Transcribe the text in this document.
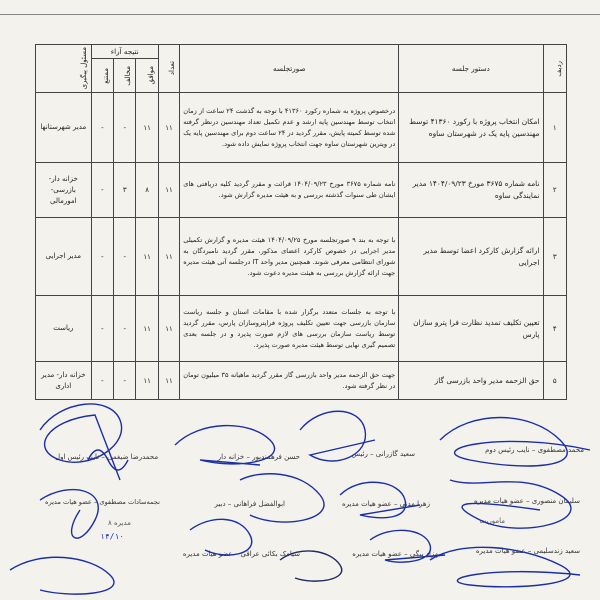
ردیف	دستور جلسه	صورتجلسه	تعداد	نتیجه آراء			مسئول پیگیری

				موافق	مخالف	ممتنع	

۱	امکان انتخاب پروژه با رکورد ۴۱۳۶۰ توسط مهندسین پایه یک در شهرستان ساوه	درخصوص پروژه به شماره رکورد ۴۱۳۶۰ با توجه به گذشت ۲۴ ساعت از زمان انتخاب توسط مهندسین پایه ارشد و عدم تکمیل تعداد مهندسین درنظر گرفته شده توسط کمیته پایش، مقرر گردید در ۲۴ ساعت دوم برای مهندسین پایه یک در ویترین شهرستان ساوه جهت انتخاب پروژه نمایش داده شود.	۱۱	۱۱	-	-	مدیر شهرستانها
۲	نامه شماره ۳۶۷۵ مورخ ۱۴۰۴/۰۹/۲۳ مدیر نمایندگی ساوه	نامه شماره ۳۶۷۵ مورخ ۱۴۰۴/۰۹/۲۳ قرائت و مقرر گردید کلیه دریافتی های ایشان طی سنوات گذشته بررسی و به هیئت مدیره گزارش شود.	۱۱	۸	۳	-	خزانه دار- بازرسی- امورمالی
۳	ارائه گزارش کارکرد اعضا توسط مدیر اجرایی	با توجه به بند ۹ صورتجلسه مورخ ۱۴۰۴/۰۹/۲۵ هیئت مدیره و گزارش تکمیلی مدیر اجرایی در خصوص کارکرد اعضای مذکور، مقرر گردید نامبردگان به شورای انتظامی معرفی شوند. همچنین مدیر واحد IT درجلسه آتی هیئت مدیره جهت ارائه گزارش بررسی به هیئت مدیره دعوت شود.	۱۱	۱۱	-	-	مدیر اجرایی
۴	تعیین تکلیف تمدید نظارت فرا پترو سازان پارس	با توجه به جلسات متعدد برگزار شده با مقامات استان و جلسه ریاست سازمان بازرسی جهت تعیین تکلیف پروژه فراپتروسازان پارس، مقرر گردید توسط ریاست سازمان بررسی های لازم صورت پذیرد و در جلسه بعدی تصمیم گیری نهایی توسط هیئت مدیره صورت پذیرد.	۱۱	۱۱	-	-	ریاست
۵	حق الزحمه مدیر واحد بازرسی گاز	جهت حق الزحمه مدیر واحد بازرسی گاز مقرر گردید ماهیانه ۳۵ میلیون تومان در نظر گرفته شود.	۱۱	۱۱	-	-	خزانه دار- مدیر اداری
محمد مصطفوی – نایب رئیس دوم
سعید گازرانی – رئیس
حسن فرهمندپور – خزانه دار
محمدرضا ضیغمی – نایب رئیس اول
سلیمان منصوری – عضو هیات مدیره
زهرا مدنی – عضو هیات مدیره
ابوالفضل فراهانی – دبیر
نجمه‌سادات مصطفوی – عضو هیات مدیره
سعید زندسلیمی – عضو هیات مدیره
بهزاد بیگی – عضو هیات مدیره
سیامک بکائی عراقی – عضو هیات مدیره
ماموریت
مدیره ۸
۱۴/۱۰
